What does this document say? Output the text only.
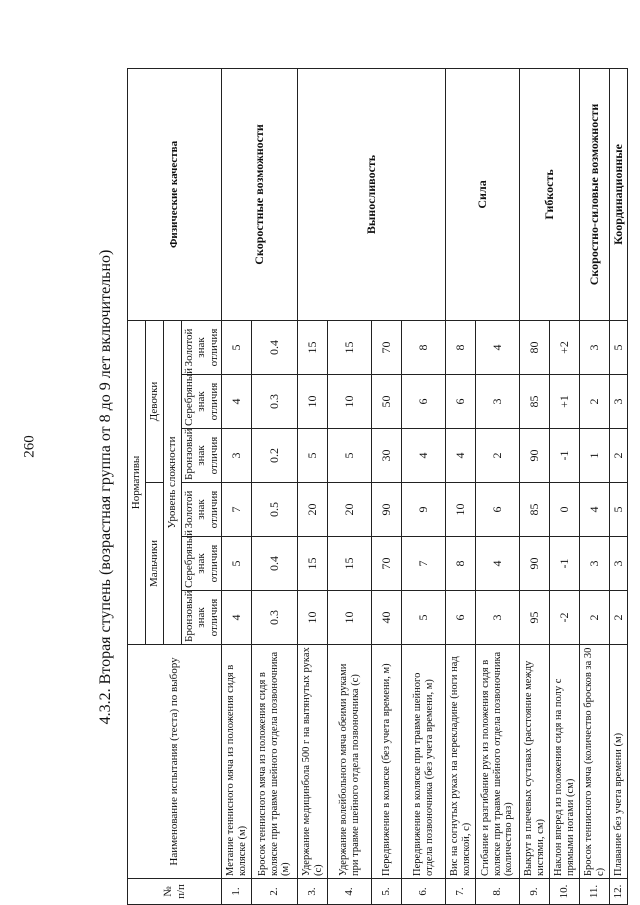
260	4.3.2. Вторая ступень (возрастная группа от 8 до 9 лет включительно)
№ п/п	Наименование испытания (теста) по выбору	Нормативы						Физические качества
		Мальчики			Девочки			
		Уровень сложности						
		Бронзовый знак отличия	Серебряный знак отличия	Золотой знак отличия	Бронзовый знак отличия	Серебряный знак отличия	Золотой знак отличия	
1.	Метание теннисного мяча из положения сидя в коляске (м)	4	5	7	3	4	5	Скоростные возможности
2.	Бросок теннисного мяча из положения сидя в коляске при травме шейного отдела позвоночника (м)	0.3	0.4	0.5	0.2	0.3	0.4	
3.	Удержание медицинбола 500 г на вытянутых руках (с)	10	15	20	5	10	15	Выносливость
4.	Удержание волейбольного мяча обеими руками при травме шейного отдела позвоночника (с)	10	15	20	5	10	15	
5.	Передвижение в коляске (без учета времени, м)	40	70	90	30	50	70	
6.	Передвижение в коляске при травме шейного отдела позвоночника (без учета времени, м)	5	7	9	4	6	8	
7.	Вис на согнутых руках на перекладине (ноги над коляской, с)	6	8	10	4	6	8	Сила
8.	Сгибание и разгибание рук из положения сидя в коляске при травме шейного отдела позвоночника (количество раз)	3	4	6	2	3	4	
9.	Выкрут в плечевых суставах (расстояние между кистями, см)	95	90	85	90	85	80	Гибкость
10.	Наклон вперед из положения сидя на полу с прямыми ногами (см)	-2	-1	0	-1	+1	+2	
11.	Бросок теннисного мяча (количество бросков за 30 с)	2	3	4	1	2	3	Скоростно-силовые возможности
12.	Плавание без учета времени (м)	2	3	5	2	3	5	Координационные
